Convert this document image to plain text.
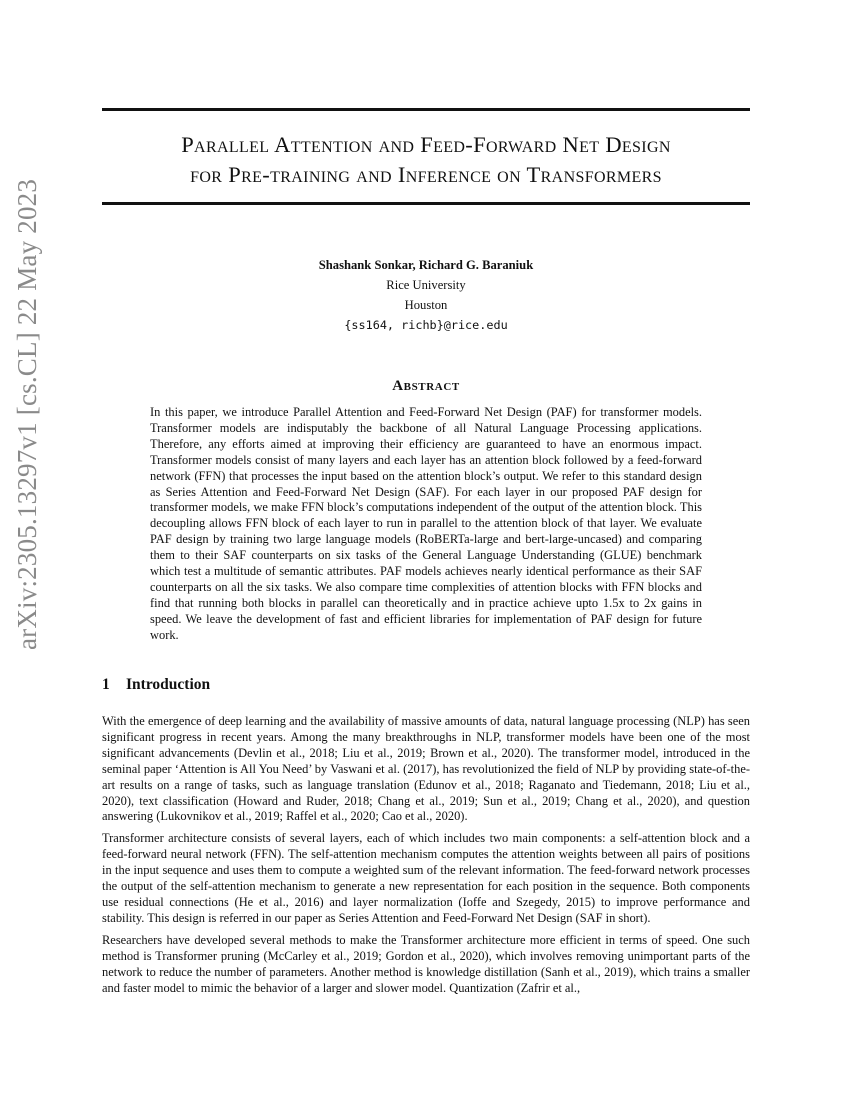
arXiv:2305.13297v1 [cs.CL] 22 May 2023
Parallel Attention and Feed-Forward Net Design
for Pre-training and Inference on Transformers
Shashank Sonkar, Richard G. Baraniuk
Rice University
Houston
{ss164, richb}@rice.edu
Abstract

In this paper, we introduce Parallel Attention and Feed-Forward Net Design (PAF) for transformer models. Transformer models are indisputably the backbone of all Natural Language Processing applications. Therefore, any efforts aimed at improving their efficiency are guaranteed to have an enormous impact. Transformer models consist of many layers and each layer has an attention block followed by a feed-forward network (FFN) that processes the input based on the attention block’s output. We refer to this standard design as Series Attention and Feed-Forward Net Design (SAF). For each layer in our proposed PAF design for transformer models, we make FFN block’s computations independent of the output of the attention block. This decoupling allows FFN block of each layer to run in parallel to the attention block of that layer. We evaluate PAF design by training two large language models (RoBERTa-large and bert-large-uncased) and comparing them to their SAF counterparts on six tasks of the General Language Understanding (GLUE) benchmark which test a multitude of semantic attributes. PAF models achieves nearly identical performance as their SAF counterparts on all the six tasks. We also compare time complexities of attention blocks with FFN blocks and find that running both blocks in parallel can theoretically and in practice achieve upto 1.5x to 2x gains in speed. We leave the development of fast and efficient libraries for implementation of PAF design for future work.

1 Introduction

With the emergence of deep learning and the availability of massive amounts of data, natural language processing (NLP) has seen significant progress in recent years. Among the many breakthroughs in NLP, transformer models have been one of the most significant advancements (Devlin et al., 2018; Liu et al., 2019; Brown et al., 2020). The transformer model, introduced in the seminal paper ‘Attention is All You Need’ by Vaswani et al. (2017), has revolutionized the field of NLP by providing state-of-the-art results on a range of tasks, such as language translation (Edunov et al., 2018; Raganato and Tiedemann, 2018; Liu et al., 2020), text classification (Howard and Ruder, 2018; Chang et al., 2019; Sun et al., 2019; Chang et al., 2020), and question answering (Lukovnikov et al., 2019; Raffel et al., 2020; Cao et al., 2020).

Transformer architecture consists of several layers, each of which includes two main components: a self-attention block and a feed-forward neural network (FFN). The self-attention mechanism computes the attention weights between all pairs of positions in the input sequence and uses them to compute a weighted sum of the relevant information. The feed-forward network processes the output of the self-attention mechanism to generate a new representation for each position in the sequence. Both components use residual connections (He et al., 2016) and layer normalization (Ioffe and Szegedy, 2015) to improve performance and stability. This design is referred in our paper as Series Attention and Feed-Forward Net Design (SAF in short).

Researchers have developed several methods to make the Transformer architecture more efficient in terms of speed. One such method is Transformer pruning (McCarley et al., 2019; Gordon et al., 2020), which involves removing unimportant parts of the network to reduce the number of parameters. Another method is knowledge distillation (Sanh et al., 2019), which trains a smaller and faster model to mimic the behavior of a larger and slower model. Quantization (Zafrir et al.,
